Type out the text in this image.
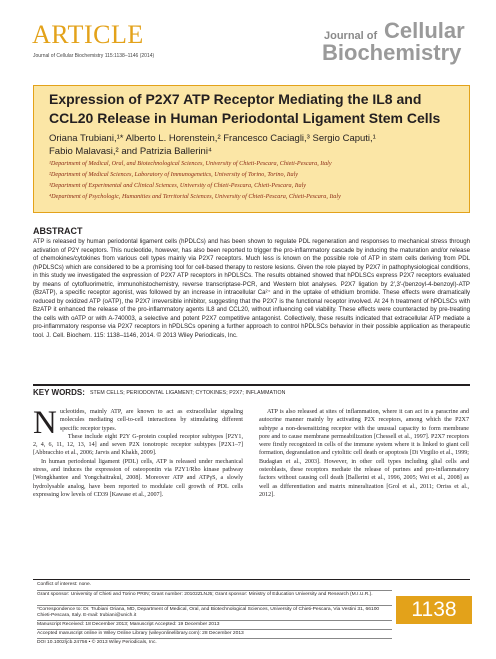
ARTICLE
Journal of Cellular Biochemistry 115:1138–1146 (2014)
Journal of Cellular
Biochemistry
Expression of P2X7 ATP Receptor Mediating the IL8 and CCL20 Release in Human Periodontal Ligament Stem Cells
Oriana Trubiani,¹* Alberto L. Horenstein,² Francesco Caciagli,³ Sergio Caputi,¹
Fabio Malavasi,² and Patrizia Ballerini⁴
¹Department of Medical, Oral, and Biotechnological Sciences, University of Chieti-Pescara, Chieti-Pescara, Italy
²Department of Medical Sciences, Laboratory of Immunogenetics, University of Torino, Torino, Italy
³Department of Experimental and Clinical Sciences, University of Chieti-Pescara, Chieti-Pescara, Italy
⁴Department of Psychologic, Humanities and Territorial Sciences, University of Chieti-Pescara, Chieti-Pescara, Italy
ABSTRACT
ATP is released by human periodontal ligament cells (hPDLCs) and has been shown to regulate PDL regeneration and responses to mechanical stress through activation of P2Y receptors. This nucleotide, however, has also been reported to trigger the pro-inflammatory cascade by inducing the maturation and/or release of chemokines/cytokines from various cell types mainly via P2X7 receptors. Much less is known on the possible role of ATP in stem cells deriving from PDL (hPDLSCs) which are considered to be a promising tool for cell-based therapy to restore lesions. Given the role played by P2X7 in pathophysiological conditions, in this study we investigated the expression of P2X7 ATP receptors in hPDLSCs. The results obtained showed that hPDLSCs express P2X7 receptors evaluated by means of cytofluorimetric, immunohistochemistry, reverse transcriptase-PCR, and Western blot analyses. P2X7 ligation by 2′,3′-(benzoyl-4-benzoyl)-ATP (BzATP), a specific receptor agonist, was followed by an increase in intracellular Ca²⁺ and in the uptake of ethidium bromide. These effects were dramatically reduced by oxidized ATP (oATP), the P2X7 irreversible inhibitor, suggesting that the P2X7 is the functional receptor involved. At 24 h treatment of hPDLSCs with BzATP it enhanced the release of the pro-inflammatory agents IL8 and CCL20, without influencing cell viability. These effects were counteracted by pre-treating the cells with oATP or with A-740003, a selective and potent P2X7 competitive antagonist. Collectively, these results indicated that extracellular ATP mediate a pro-inflammatory response via P2X7 receptors in hPDLSCs opening a further approach to control hPDLSCs behavior in their possible application as therapeutic tool. J. Cell. Biochem. 115: 1138–1146, 2014. © 2013 Wiley Periodicals, Inc.
KEY WORDS: STEM CELLS; PERIODONTAL LIGAMENT; CYTOKINES; P2X7; INFLAMMATION

Nucleotides, mainly ATP, are known to act as extracellular signaling molecules mediating cell-to-cell interactions by stimulating different specific receptor types.

These include eight P2Y G-protein coupled receptor subtypes [P2Y1, 2, 4, 6, 11, 12, 13, 14] and seven P2X ionotropic receptor subtypes [P2X1–7] [Abbracchio et al., 2006; Jarvis and Khakh, 2009].

In human periodontal ligament (PDL) cells, ATP is released under mechanical stress, and induces the expression of osteopontin via P2Y1/Rho kinase pathway [Wongkhantee and Yongchaitrakul, 2008]. Moreover ATP and ATPγS, a slowly hydrolysable analog, have been reported to modulate cell growth of PDL cells expressing low levels of CD39 [Kawase et al., 2007].

ATP is also released at sites of inflammation, where it can act in a paracrine and autocrine manner mainly by activating P2X receptors, among which the P2X7 subtype a non-desensitizing receptor with the unusual capacity to form membrane pore and to cause membrane permeabilization [Chessell et al., 1997]. P2X7 receptors were firstly recognized in cells of the immune system where it is linked to giant cell formation, degranulation and cytolitic cell death or apoptosis [Di Virgilio et al., 1999; Budagian et al., 2003]. However, in other cell types including glial cells and osteoblasts, these receptors mediate the release of purines and pro-inflammatory factors without causing cell death [Ballerini et al., 1996, 2005; Wei et al., 2008] as well as differentiation and matrix mineralization [Grol et al., 2011; Orriss et al., 2012].

Conflict of interest: none.
Grant sponsor: University of Chieti and Torino PRIN; Grant number: 20102ZLNJ5; Grant sponsor: Ministry of Education University and Research (M.I.U.R.).
*Correspondence to: Dr. Trubiani Oriana, MD, Department of Medical, Oral, and Biotechnological Sciences, University of Chieti-Pescara, Via Vestini 31, 66100 Chieti-Pescara, Italy. E-mail: trubiani@unich.it
Manuscript Received: 18 December 2013; Manuscript Accepted: 19 December 2013
Accepted manuscript online in Wiley Online Library (wileyonlinelibrary.com): 28 December 2013
DOI 10.1002/jcb.24756 • © 2013 Wiley Periodicals, Inc.
1138
